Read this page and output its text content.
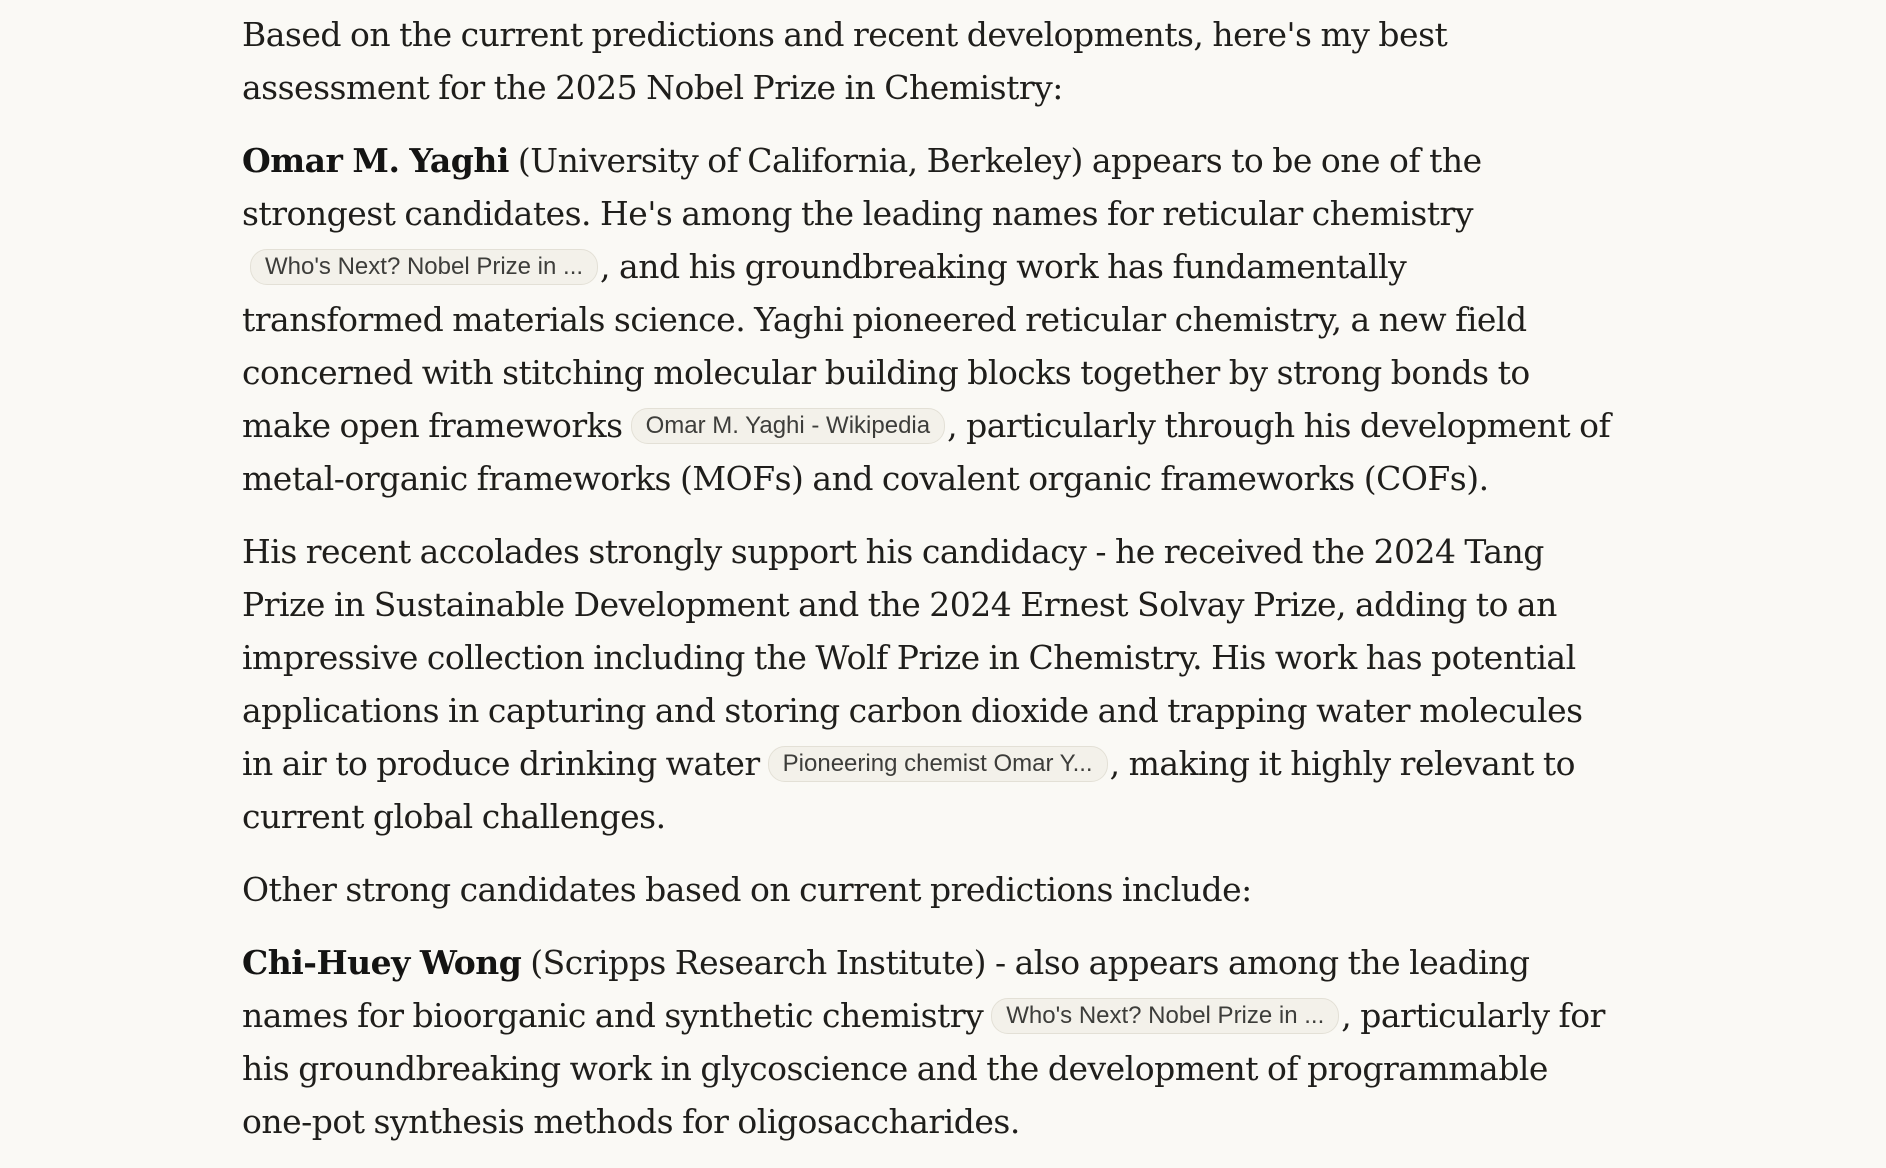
Based on the current predictions and recent developments, here's my best assessment for the 2025 Nobel Prize in Chemistry:

Omar M. Yaghi (University of California, Berkeley) appears to be one of the strongest candidates. He's among the leading names for reticular chemistryWho's Next? Nobel Prize in ... , and his groundbreaking work has fundamentally transformed materials science. Yaghi pioneered reticular chemistry, a new field concerned with stitching molecular building blocks together by strong bonds to make open frameworks Omar M. Yaghi - Wikipedia , particularly through his development of metal-organic frameworks (MOFs) and covalent organic frameworks (COFs).

His recent accolades strongly support his candidacy - he received the 2024 Tang Prize in Sustainable Development and the 2024 Ernest Solvay Prize, adding to an impressive collection including the Wolf Prize in Chemistry. His work has potential applications in capturing and storing carbon dioxide and trapping water molecules in air to produce drinking water Pioneering chemist Omar Y... , making it highly relevant to current global challenges.

Other strong candidates based on current predictions include:

Chi-Huey Wong (Scripps Research Institute) - also appears among the leading names for bioorganic and synthetic chemistry Who's Next? Nobel Prize in ... , particularly for his groundbreaking work in glycoscience and the development of programmable one-pot synthesis methods for oligosaccharides.
